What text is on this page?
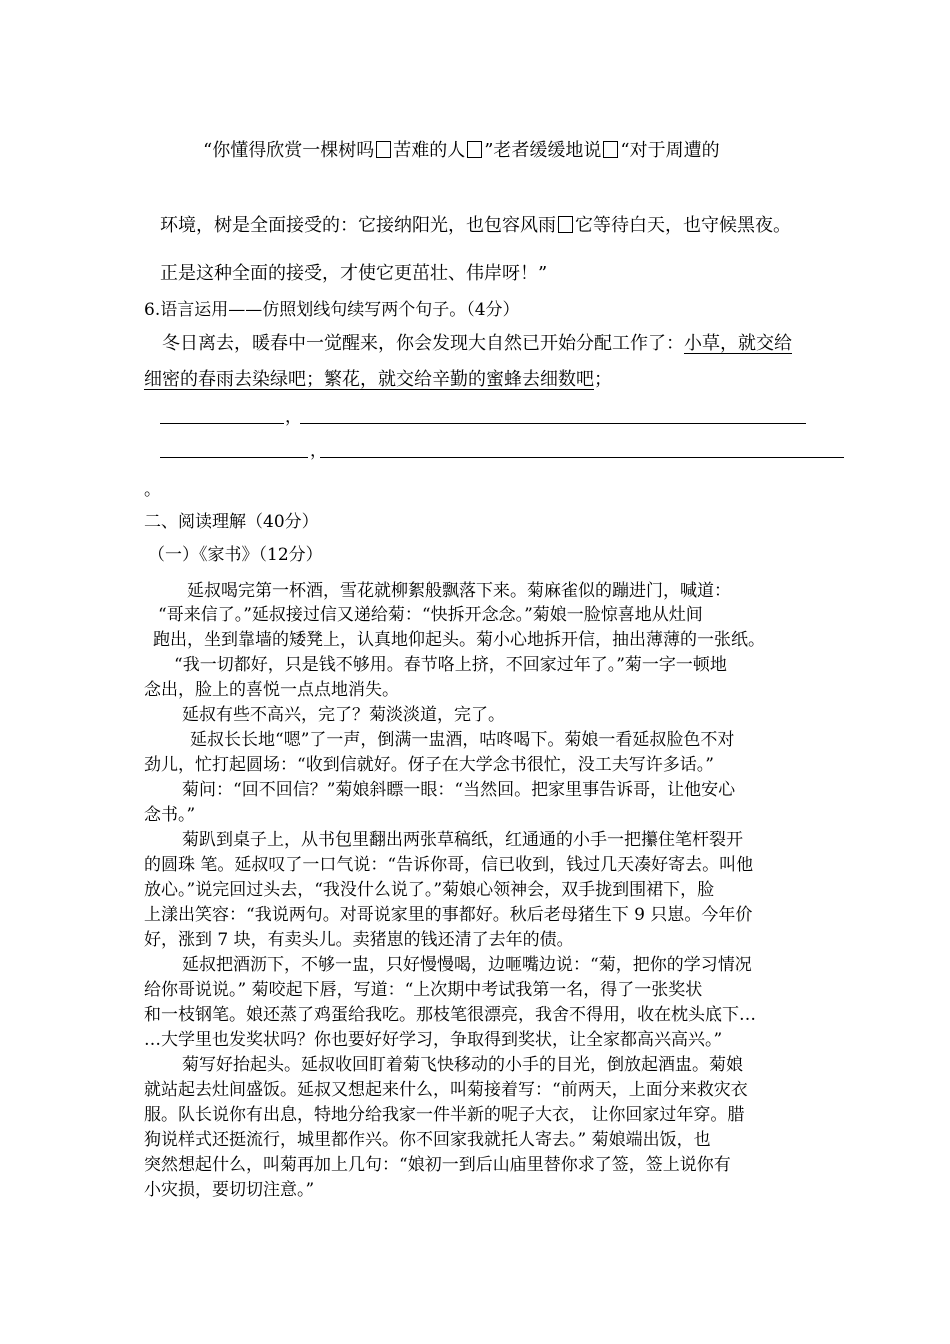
“你懂得欣赏一棵树吗 苦难的人 ”老者缓缓地说 “对于周遭的
环境，树是全面接受的：它接纳阳光，也包容风雨 它等待白天，也守候黑夜。
正是这种全面的接受，才使它更茁壮、伟岸呀！”
6.语言运用——仿照划线句续写两个句子。（4分）
冬日离去，暖春中一觉醒来，你会发现大自然已开始分配工作了：小草，就交给
细密的春雨去染绿吧；繁花，就交给辛勤的蜜蜂去细数吧；
，
，
。
二、阅读理解（40分）
（一）《家书》（12分）
延叔喝完第一杯酒，雪花就柳絮般飘落下来。菊麻雀似的蹦进门，喊道：
“哥来信了。”延叔接过信又递给菊：“快拆开念念。”菊娘一脸惊喜地从灶间
跑出，坐到靠墙的矮凳上，认真地仰起头。菊小心地拆开信，抽出薄薄的一张纸。
“我一切都好，只是钱不够用。春节咯上挤，不回家过年了。”菊一字一顿地
念出，脸上的喜悦一点点地消失。
延叔有些不高兴，完了？菊淡淡道，完了。
延叔长长地“嗯”了一声，倒满一盅酒，咕咚喝下。菊娘一看延叔脸色不对
劲儿，忙打起圆场：“收到信就好。伢子在大学念书很忙，没工夫写许多话。”
菊问：“回不回信？”菊娘斜瞟一眼：“当然回。把家里事告诉哥，让他安心
念书。”
菊趴到桌子上，从书包里翻出两张草稿纸，红通通的小手一把攥住笔杆裂开
的圆珠 笔。延叔叹了一口气说：“告诉你哥，信已收到，钱过几天凑好寄去。叫他
放心。”说完回过头去，“我没什么说了。”菊娘心领神会，双手拢到围裙下，脸
上漾出笑容：“我说两句。对哥说家里的事都好。秋后老母猪生下 9 只崽。今年价
好，涨到 7 块，有卖头儿。卖猪崽的钱还清了去年的债。
延叔把酒沥下，不够一盅，只好慢慢喝，边咂嘴边说：“菊，把你的学习情况
给你哥说说。” 菊咬起下唇，写道：“上次期中考试我第一名，得了一张奖状
和一枝钢笔。娘还蒸了鸡蛋给我吃。那枝笔很漂亮，我舍不得用，收在枕头底下…
…大学里也发奖状吗？你也要好好学习，争取得到奖状，让全家都高兴高兴。”
菊写好抬起头。延叔收回盯着菊飞快移动的小手的目光，倒放起酒盅。菊娘
就站起去灶间盛饭。延叔又想起来什么，叫菊接着写：“前两天，上面分来救灾衣
服。队长说你有出息，特地分给我家一件半新的呢子大衣， 让你回家过年穿。腊
狗说样式还挺流行，城里都作兴。你不回家我就托人寄去。” 菊娘端出饭，也
突然想起什么，叫菊再加上几句：“娘初一到后山庙里替你求了签，签上说你有
小灾损，要切切注意。”
